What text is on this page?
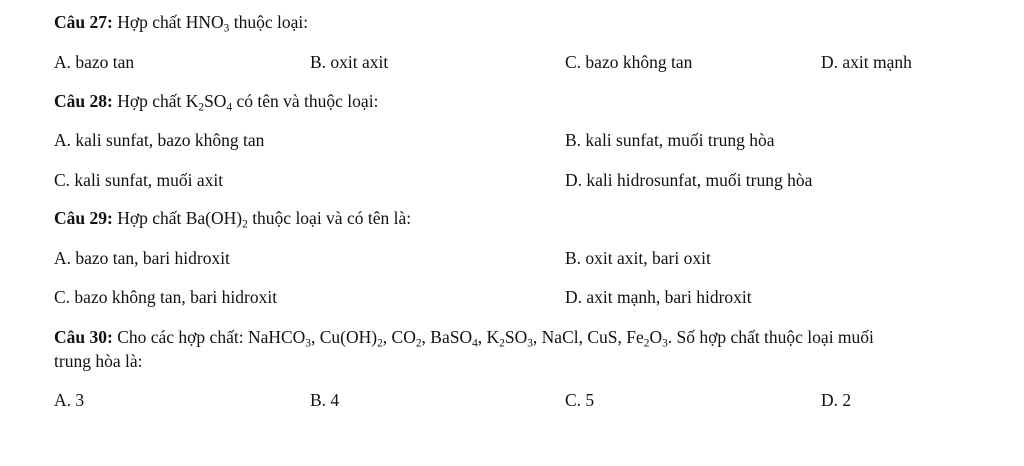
Câu 27: Hợp chất $HNO_3$ thuộc loại:
A. bazo tan	B. oxit axit	C. bazo không tan	D. axit mạnh
Câu 28: Hợp chất $K_2SO_4$ có tên và thuộc loại:
A. kali sunfat, bazo không tan	B. kali sunfat, muối trung hòa
C. kali sunfat, muối axit	D. kali hidrosunfat, muối trung hòa
Câu 29: Hợp chất $Ba(OH)_2$ thuộc loại và có tên là:
A. bazo tan, bari hidroxit	B. oxit axit, bari oxit
C. bazo không tan, bari hidroxit	D. axit mạnh, bari hidroxit
Câu 30: Cho các hợp chất: NaHCO$_3$, $Cu(OH)_2$, $CO_2$, BaSO$_4$, $K_2SO_3$, NaCl, CuS, $Fe_2O_3$. Số hợp chất thuộc loại muối
trung hòa là:
A. 3	B. 4	C. 5	D. 2
